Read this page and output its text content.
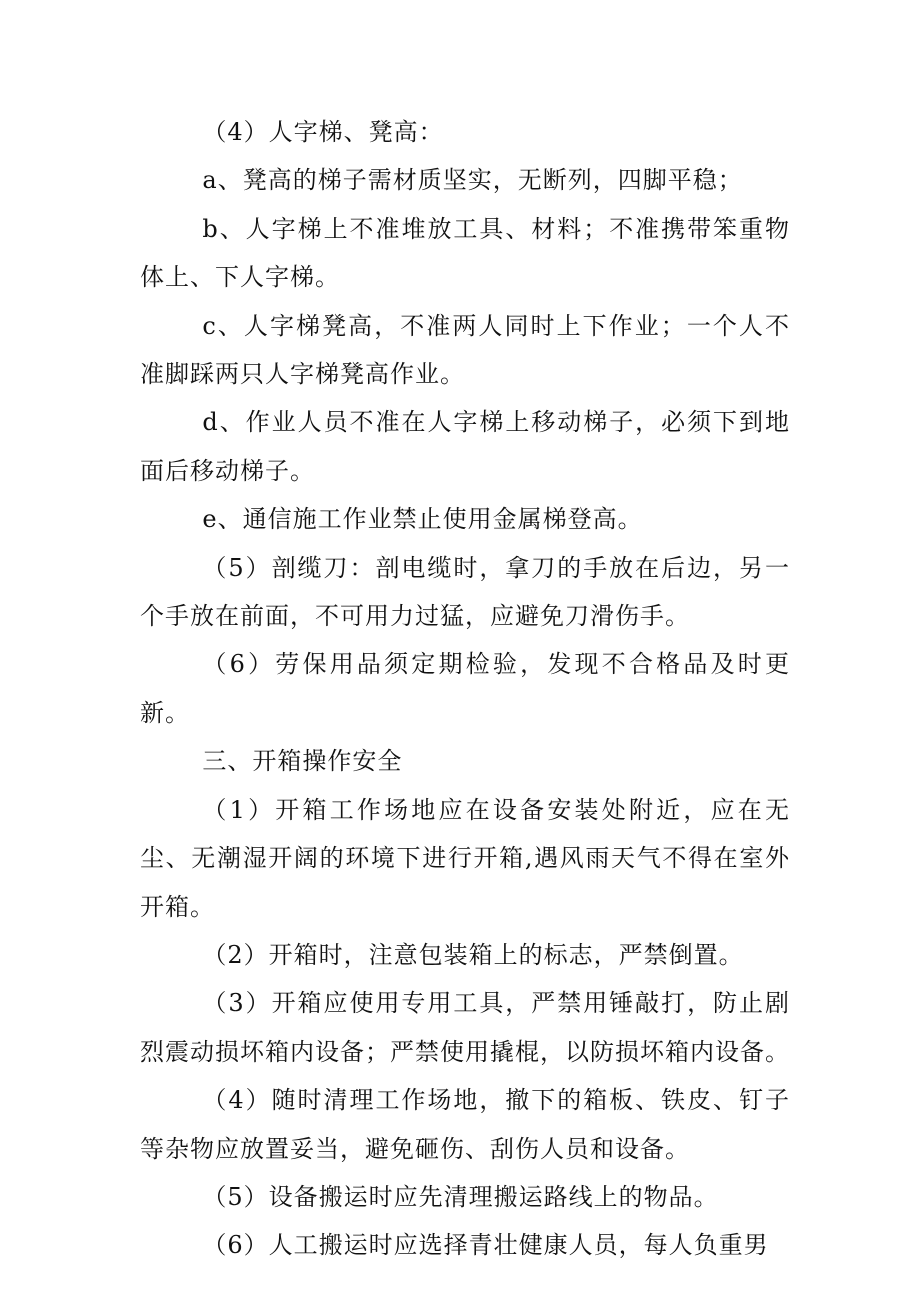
（4）人字梯、凳高：

a、凳高的梯子需材质坚实，无断列，四脚平稳；

b、人字梯上不准堆放工具、材料；不准携带笨重物体上、下人字梯。

c、人字梯凳高，不准两人同时上下作业；一个人不准脚踩两只人字梯凳高作业。

d、作业人员不准在人字梯上移动梯子，必须下到地面后移动梯子。

e、通信施工作业禁止使用金属梯登高。

（5）剖缆刀：剖电缆时，拿刀的手放在后边，另一个手放在前面，不可用力过猛，应避免刀滑伤手。

（6）劳保用品须定期检验，发现不合格品及时更新。

三、开箱操作安全

（1）开箱工作场地应在设备安装处附近，应在无尘、无潮湿开阔的环境下进行开箱,遇风雨天气不得在室外开箱。

（2）开箱时，注意包装箱上的标志，严禁倒置。

（3）开箱应使用专用工具，严禁用锤敲打，防止剧烈震动损坏箱内设备；严禁使用撬棍，以防损坏箱内设备。

（4）随时清理工作场地，撤下的箱板、铁皮、钉子等杂物应放置妥当，避免砸伤、刮伤人员和设备。

（5）设备搬运时应先清理搬运路线上的物品。

（6）人工搬运时应选择青壮健康人员，每人负重男
